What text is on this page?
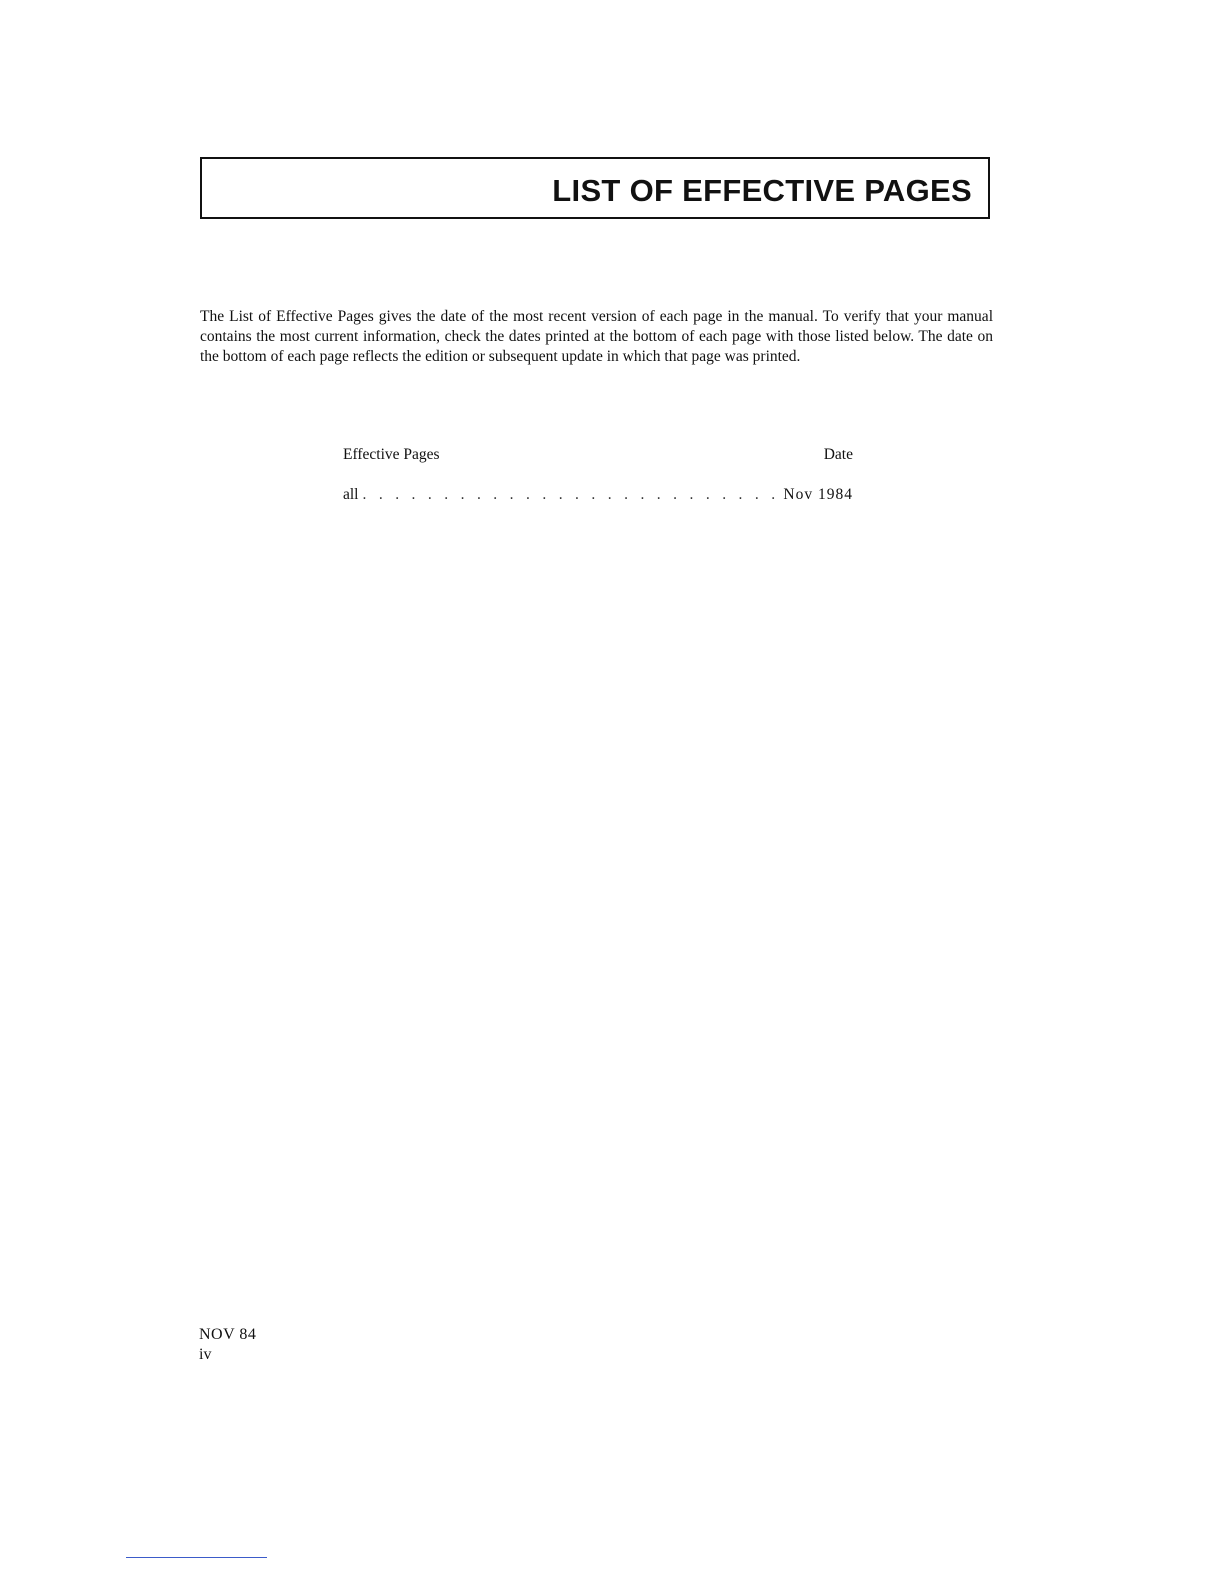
LIST OF EFFECTIVE PAGES

The List of Effective Pages gives the date of the most recent version of each page in the manual. To verify that your manual contains the most current information, check the dates printed at the bottom of each page with those listed below. The date on the bottom of each page reflects the edition or subsequent update in which that page was printed.

Effective Pages	Date
all
. . .	Nov 1984
NOV 84
iv
